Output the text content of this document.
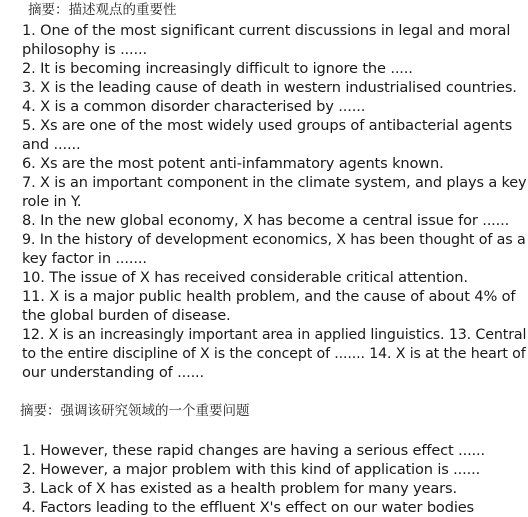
摘要：描述观点的重要性
1. One of the most significant current discussions in legal and moral
philosophy is ......
2. It is becoming increasingly difficult to ignore the .....
3. X is the leading cause of death in western industrialised countries.
4. X is a common disorder characterised by ......
5. Xs are one of the most widely used groups of antibacterial agents
and ......
6. Xs are the most potent anti-infammatory agents known.
7. X is an important component in the climate system, and plays a key
role in Y.
8. In the new global economy, X has become a central issue for ......
9. In the history of development economics, X has been thought of as a
key factor in .......
10. The issue of X has received considerable critical attention.
11. X is a major public health problem, and the cause of about 4% of
the global burden of disease.
12. X is an increasingly important area in applied linguistics. 13. Central
to the entire discipline of X is the concept of ....... 14. X is at the heart of
our understanding of ......
摘要：强调该研究领域的一个重要问题
1. However, these rapid changes are having a serious effect ......
2. However, a major problem with this kind of application is ......
3. Lack of X has existed as a health problem for many years.
4. Factors leading to the effluent X's effect on our water bodies
